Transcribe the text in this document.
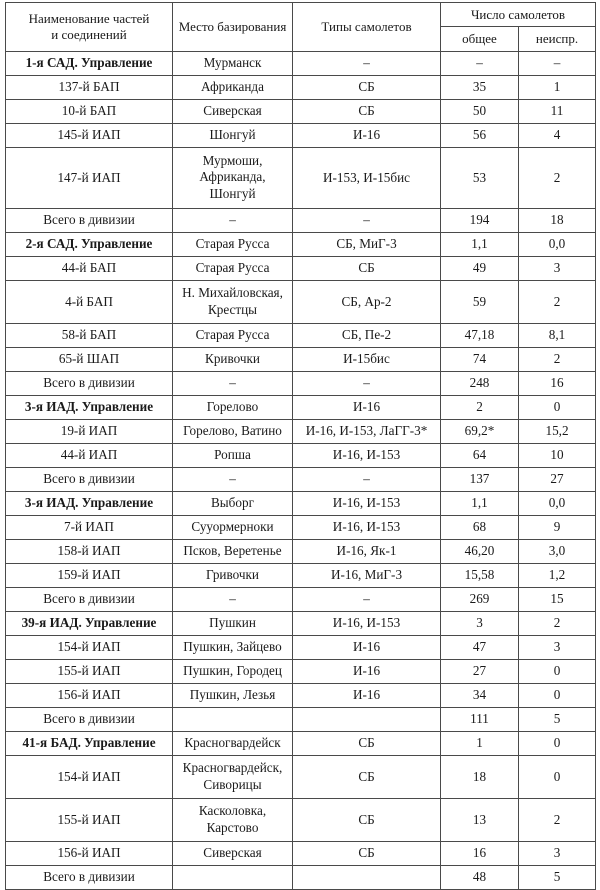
Наименование частей
и соединений	Место базирования	Типы самолетов	Число самолетов	
			общее	неиспр.
1-я САД. Управление	Мурманск	–	–	–
137-й БАП	Африканда	СБ	35	1
10-й БАП	Сиверская	СБ	50	11
145-й ИАП	Шонгуй	И-16	56	4
147-й ИАП	Мурмоши,
Африканда,
Шонгуй	И-153, И-15бис	53	2
Всего в дивизии	–	–	194	18
2-я САД. Управление	Старая Русса	СБ, МиГ-3	1,1	0,0
44-й БАП	Старая Русса	СБ	49	3
4-й БАП	Н. Михайловская,
Крестцы	СБ, Ар-2	59	2
58-й БАП	Старая Русса	СБ, Пе-2	47,18	8,1
65-й ШАП	Кривочки	И-15бис	74	2
Всего в дивизии	–	–	248	16
3-я ИАД. Управление	Горелово	И-16	2	0
19-й ИАП	Горелово, Ватино	И-16, И-153, ЛаГГ-3*	69,2*	15,2
44-й ИАП	Ропша	И-16, И-153	64	10
Всего в дивизии	–	–	137	27
3-я ИАД. Управление	Выборг	И-16, И-153	1,1	0,0
7-й ИАП	Сууормерноки	И-16, И-153	68	9
158-й ИАП	Псков, Веретенье	И-16, Як-1	46,20	3,0
159-й ИАП	Гривочки	И-16, МиГ-3	15,58	1,2
Всего в дивизии	–	–	269	15
39-я ИАД. Управление	Пушкин	И-16, И-153	3	2
154-й ИАП	Пушкин, Зайцево	И-16	47	3
155-й ИАП	Пушкин, Городец	И-16	27	0
156-й ИАП	Пушкин, Лезья	И-16	34	0
Всего в дивизии			111	5
41-я БАД. Управление	Красногвардейск	СБ	1	0
154-й ИАП	Красногвардейск,
Сиворицы	СБ	18	0
155-й ИАП	Касколовка,
Карстово	СБ	13	2
156-й ИАП	Сиверская	СБ	16	3
Всего в дивизии			48	5
